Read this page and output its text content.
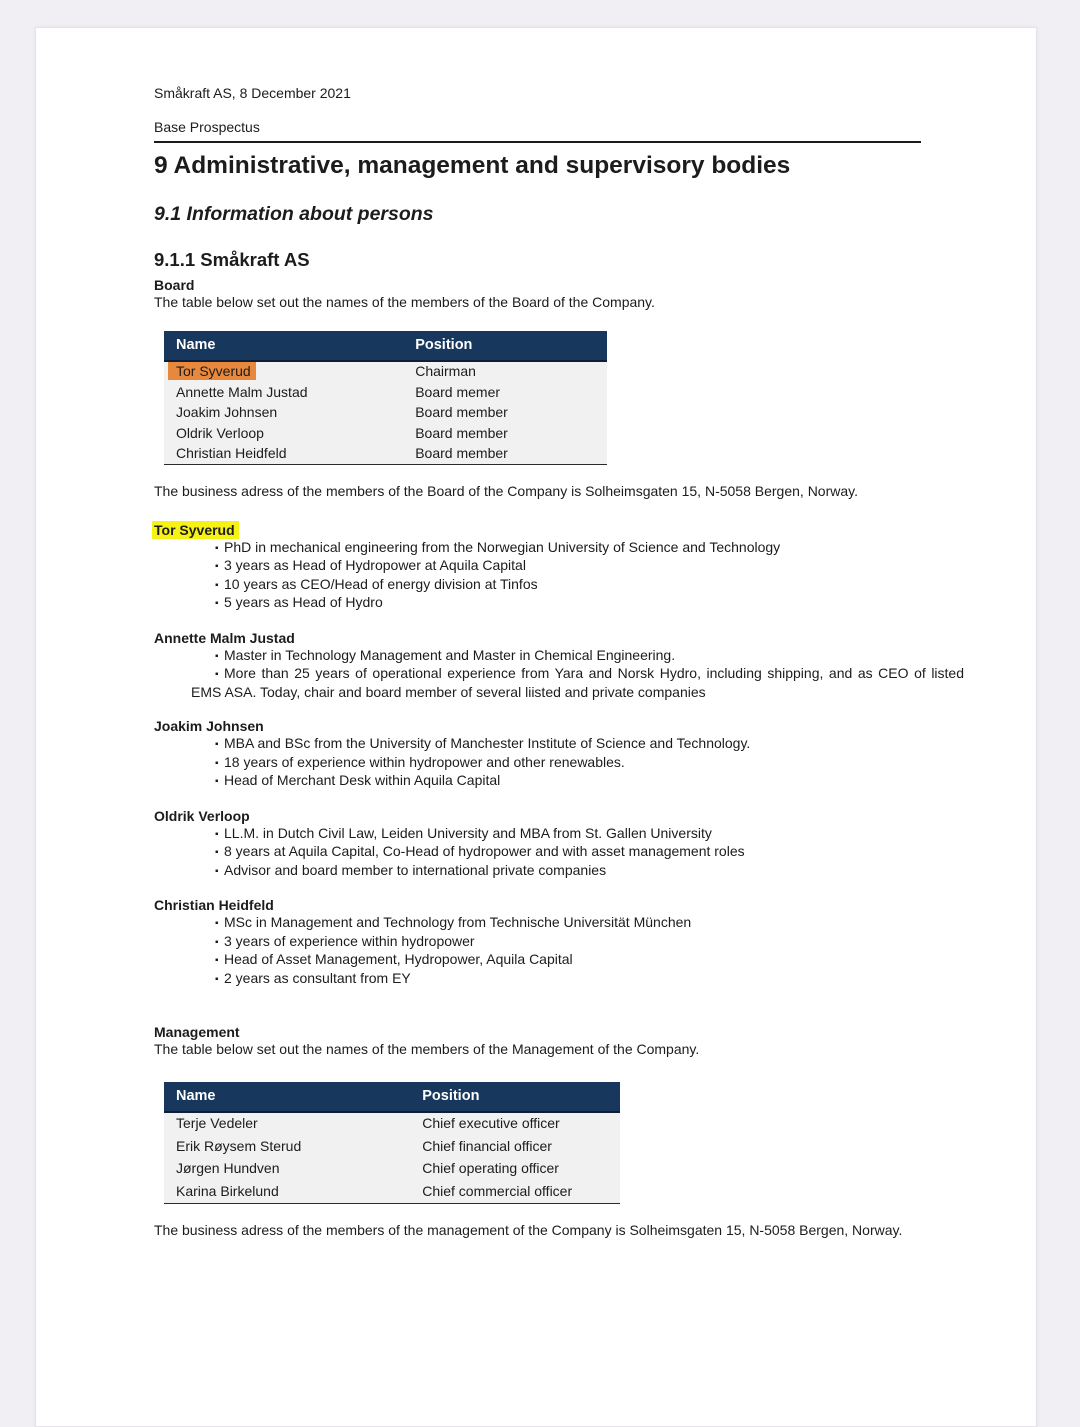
Småkraft AS, 8 December 2021
Base Prospectus
9 Administrative, management and supervisory bodies
9.1 Information about persons
9.1.1 Småkraft AS
Board

The table below set out the names of the members of the Board of the Company.

Name	Position
Tor Syverud	Chairman
Annette Malm Justad	Board memer
Joakim Johnsen	Board member
Oldrik Verloop	Board member
Christian Heidfeld	Board member

The business adress of the members of the Board of the Company is Solheimsgaten 15, N-5058 Bergen, Norway.

Tor Syverud
▪ PhD in mechanical engineering from the Norwegian University of Science and Technology
▪ 3 years as Head of Hydropower at Aquila Capital
▪ 10 years as CEO/Head of energy division at Tinfos
▪ 5 years as Head of Hydro
Annette Malm Justad
▪ Master in Technology Management and Master in Chemical Engineering.
▪ More than 25 years of operational experience from Yara and Norsk Hydro, including shipping, and as CEO of listed EMS ASA. Today, chair and board member of several liisted and private companies
Joakim Johnsen
▪ MBA and BSc from the University of Manchester Institute of Science and Technology.
▪ 18 years of experience within hydropower and other renewables.
▪ Head of Merchant Desk within Aquila Capital
Oldrik Verloop
▪ LL.M. in Dutch Civil Law, Leiden University and MBA from St. Gallen University
▪ 8 years at Aquila Capital, Co-Head of hydropower and with asset management roles
▪ Advisor and board member to international private companies
Christian Heidfeld
▪ MSc in Management and Technology from Technische Universität München
▪ 3 years of experience within hydropower
▪ Head of Asset Management, Hydropower, Aquila Capital
▪ 2 years as consultant from EY
Management

The table below set out the names of the members of the Management of the Company.

Name	Position
Terje Vedeler	Chief executive officer
Erik Røysem Sterud	Chief financial officer
Jørgen Hundven	Chief operating officer
Karina Birkelund	Chief commercial officer

The business adress of the members of the management of the Company is Solheimsgaten 15, N-5058 Bergen, Norway.
